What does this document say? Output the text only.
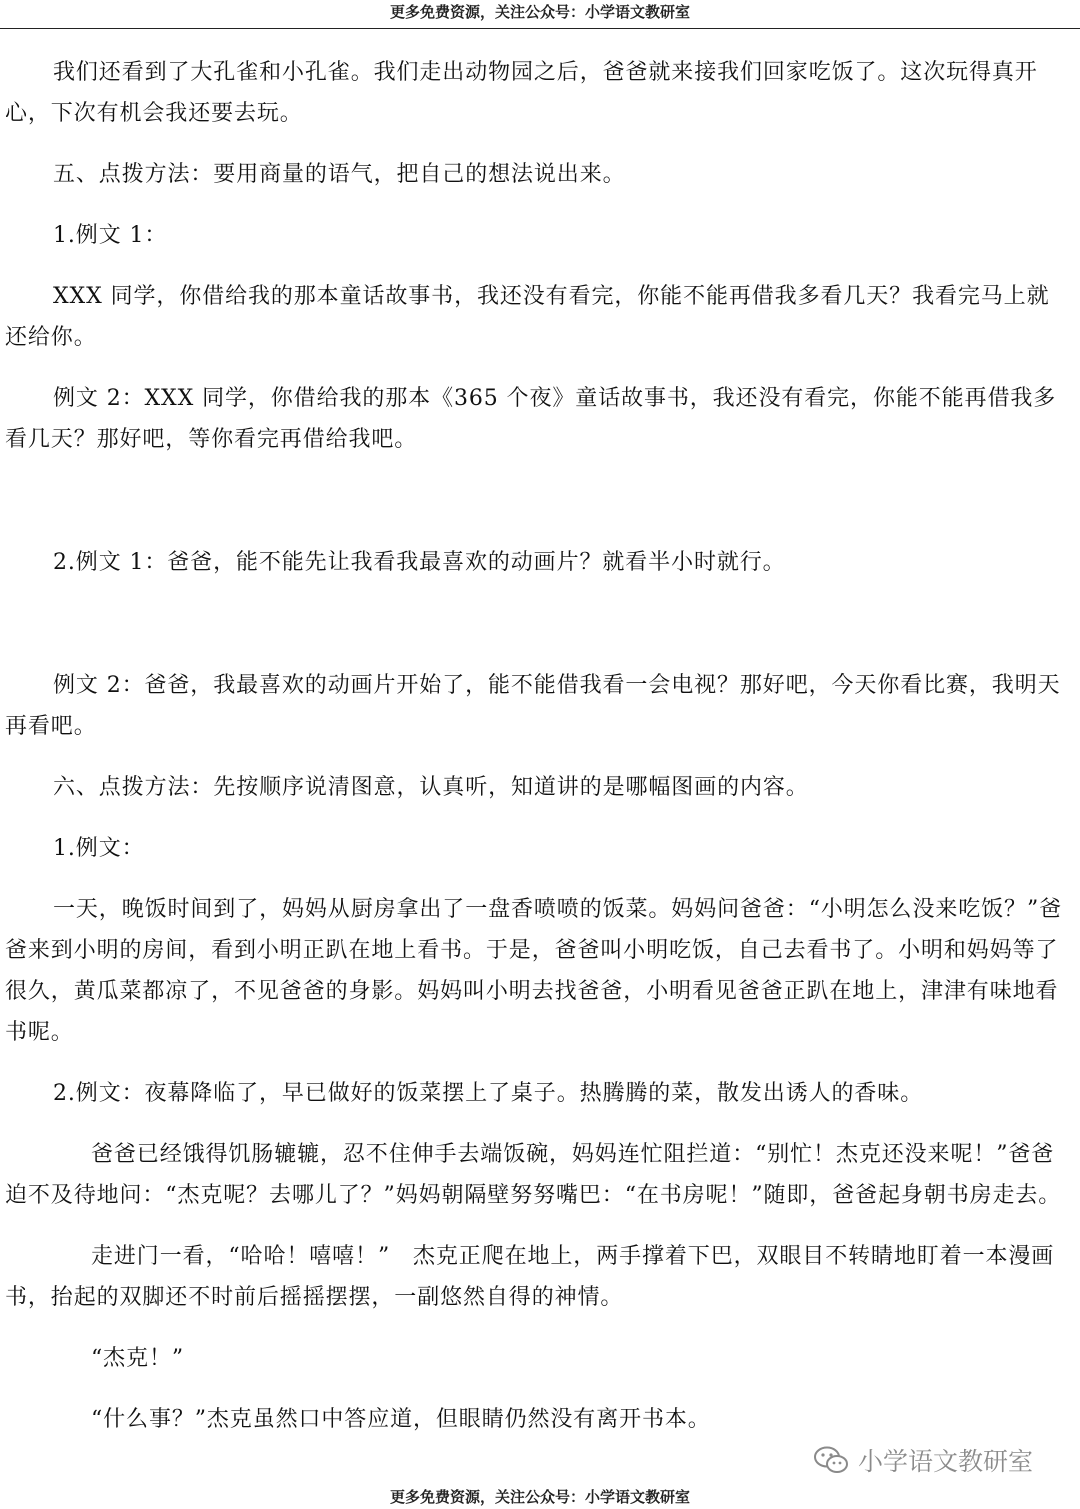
更多免费资源，关注公众号：小学语文教研室

我们还看到了大孔雀和小孔雀。我们走出动物园之后，爸爸就来接我们回家吃饭了。这次玩得真开心，下次有机会我还要去玩。

五、点拨方法：要用商量的语气，把自己的想法说出来。

1.例文 1：

XXX 同学，你借给我的那本童话故事书，我还没有看完，你能不能再借我多看几天？我看完马上就还给你。

例文 2：XXX 同学，你借给我的那本《365 个夜》童话故事书，我还没有看完，你能不能再借我多看几天？那好吧，等你看完再借给我吧。

2.例文 1：爸爸，能不能先让我看我最喜欢的动画片？就看半小时就行。

例文 2：爸爸，我最喜欢的动画片开始了，能不能借我看一会电视？那好吧，今天你看比赛，我明天再看吧。

六、点拨方法：先按顺序说清图意，认真听，知道讲的是哪幅图画的内容。

1.例文：

一天，晚饭时间到了，妈妈从厨房拿出了一盘香喷喷的饭菜。妈妈问爸爸：“小明怎么没来吃饭？”爸爸来到小明的房间，看到小明正趴在地上看书。于是，爸爸叫小明吃饭，自己去看书了。小明和妈妈等了很久，黄瓜菜都凉了，不见爸爸的身影。妈妈叫小明去找爸爸，小明看见爸爸正趴在地上，津津有味地看书呢。

2.例文：夜幕降临了，早已做好的饭菜摆上了桌子。热腾腾的菜，散发出诱人的香味。

爸爸已经饿得饥肠辘辘，忍不住伸手去端饭碗，妈妈连忙阻拦道：“别忙！杰克还没来呢！”爸爸迫不及待地问：“杰克呢？去哪儿了？”妈妈朝隔壁努努嘴巴：“在书房呢！”随即，爸爸起身朝书房走去。

走进门一看，“哈哈！嘻嘻！”　杰克正爬在地上，两手撑着下巴，双眼目不转睛地盯着一本漫画书，抬起的双脚还不时前后摇摇摆摆，一副悠然自得的神情。

“杰克！”

“什么事？”杰克虽然口中答应道，但眼睛仍然没有离开书本。

小学语文教研室
更多免费资源，关注公众号：小学语文教研室
